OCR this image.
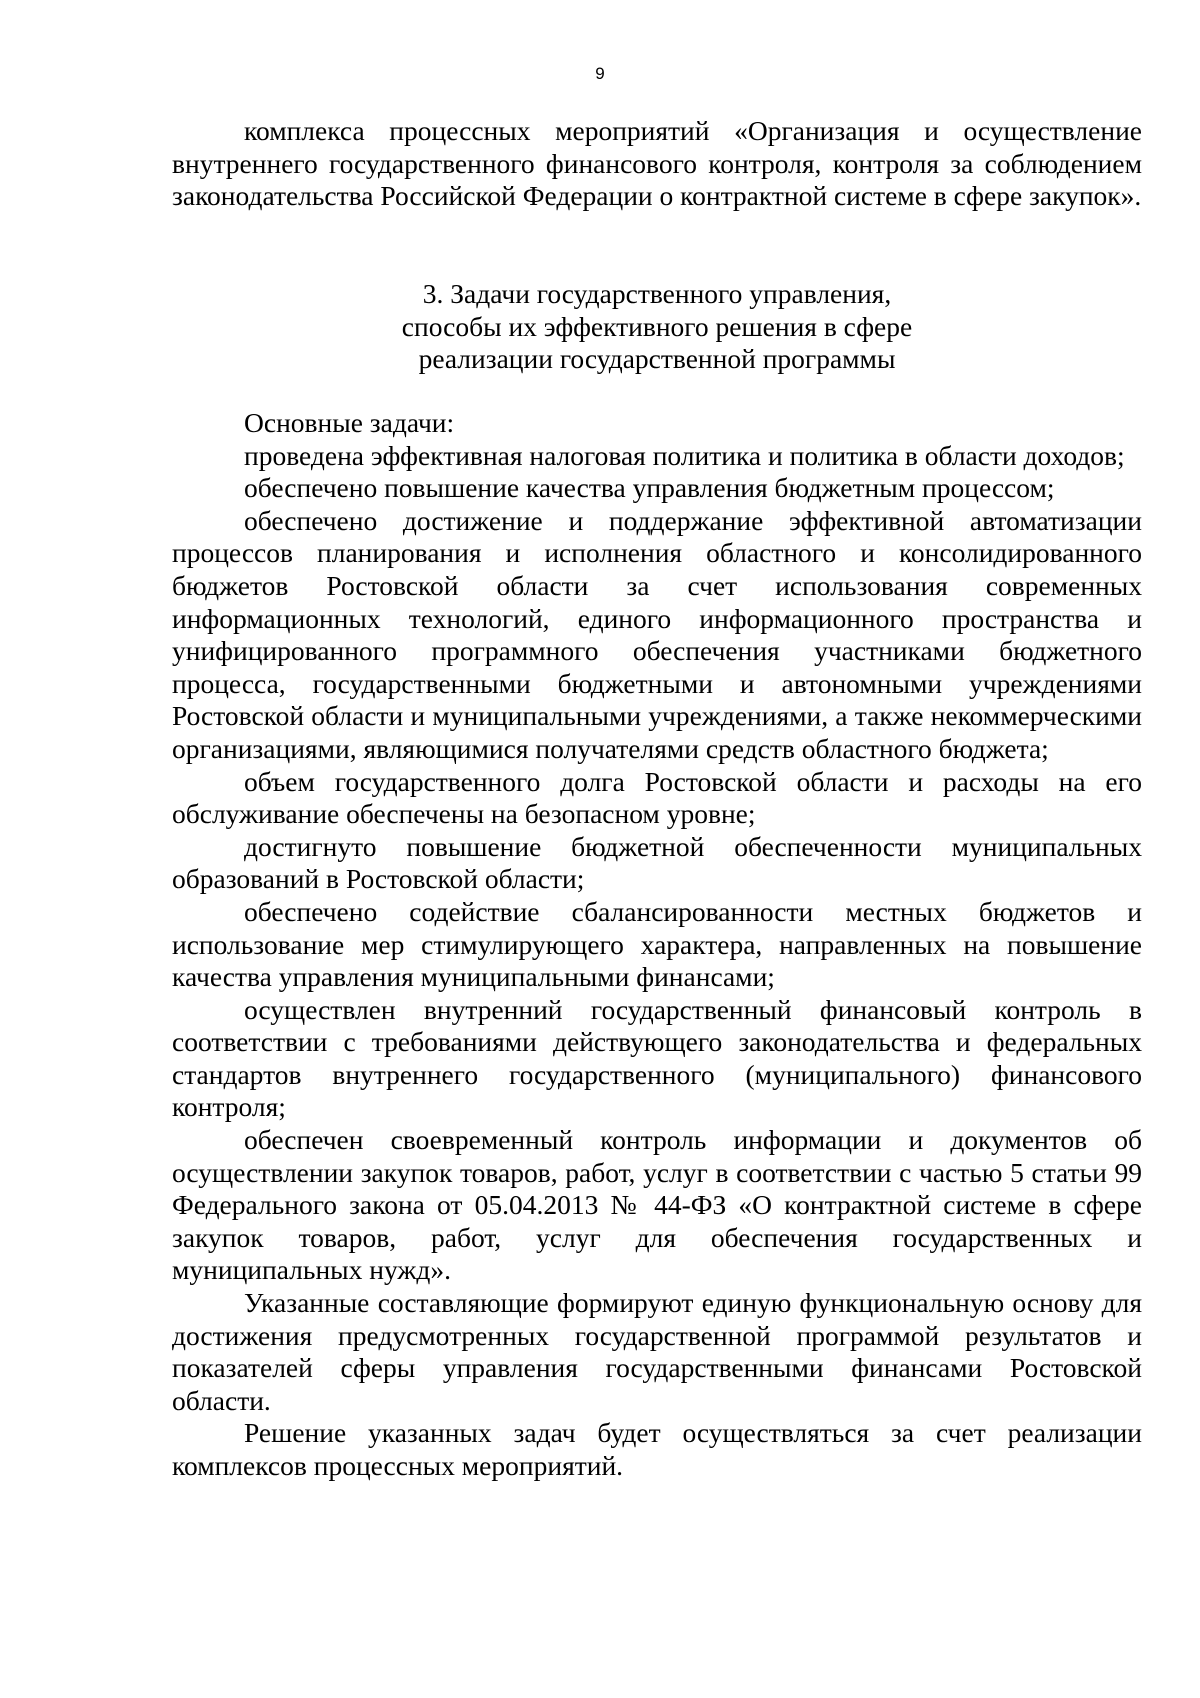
9

комплекса процессных мероприятий «Организация и осуществление внутреннего государственного финансового контроля, контроля за соблюдением законодательства Российской Федерации о контрактной системе в сфере закупок».

3. Задачи государственного управления,
способы их эффективного решения в сфере
реализации государственной программы

Основные задачи:

проведена эффективная налоговая политика и политика в области доходов;

обеспечено повышение качества управления бюджетным процессом;

обеспечено достижение и поддержание эффективной автоматизации процессов планирования и исполнения областного и консолидированного бюджетов Ростовской области за счет использования современных информационных технологий, единого информационного пространства и унифицированного программного обеспечения участниками бюджетного процесса, государственными бюджетными и автономными учреждениями Ростовской области и муниципальными учреждениями, а также некоммерческими организациями, являющимися получателями средств областного бюджета;

объем государственного долга Ростовской области и расходы на его обслуживание обеспечены на безопасном уровне;

достигнуто повышение бюджетной обеспеченности муниципальных образований в Ростовской области;

обеспечено содействие сбалансированности местных бюджетов и использование мер стимулирующего характера, направленных на повышение качества управления муниципальными финансами;

осуществлен внутренний государственный финансовый контроль в соответствии с требованиями действующего законодательства и федеральных стандартов внутреннего государственного (муниципального) финансового контроля;

обеспечен своевременный контроль информации и документов об осуществлении закупок товаров, работ, услуг в соответствии с частью 5 статьи 99 Федерального закона от 05.04.2013 № 44-ФЗ «О контрактной системе в сфере закупок товаров, работ, услуг для обеспечения государственных и муниципальных нужд».

Указанные составляющие формируют единую функциональную основу для достижения предусмотренных государственной программой результатов и показателей сферы управления государственными финансами Ростовской области.

Решение указанных задач будет осуществляться за счет реализации комплексов процессных мероприятий.
